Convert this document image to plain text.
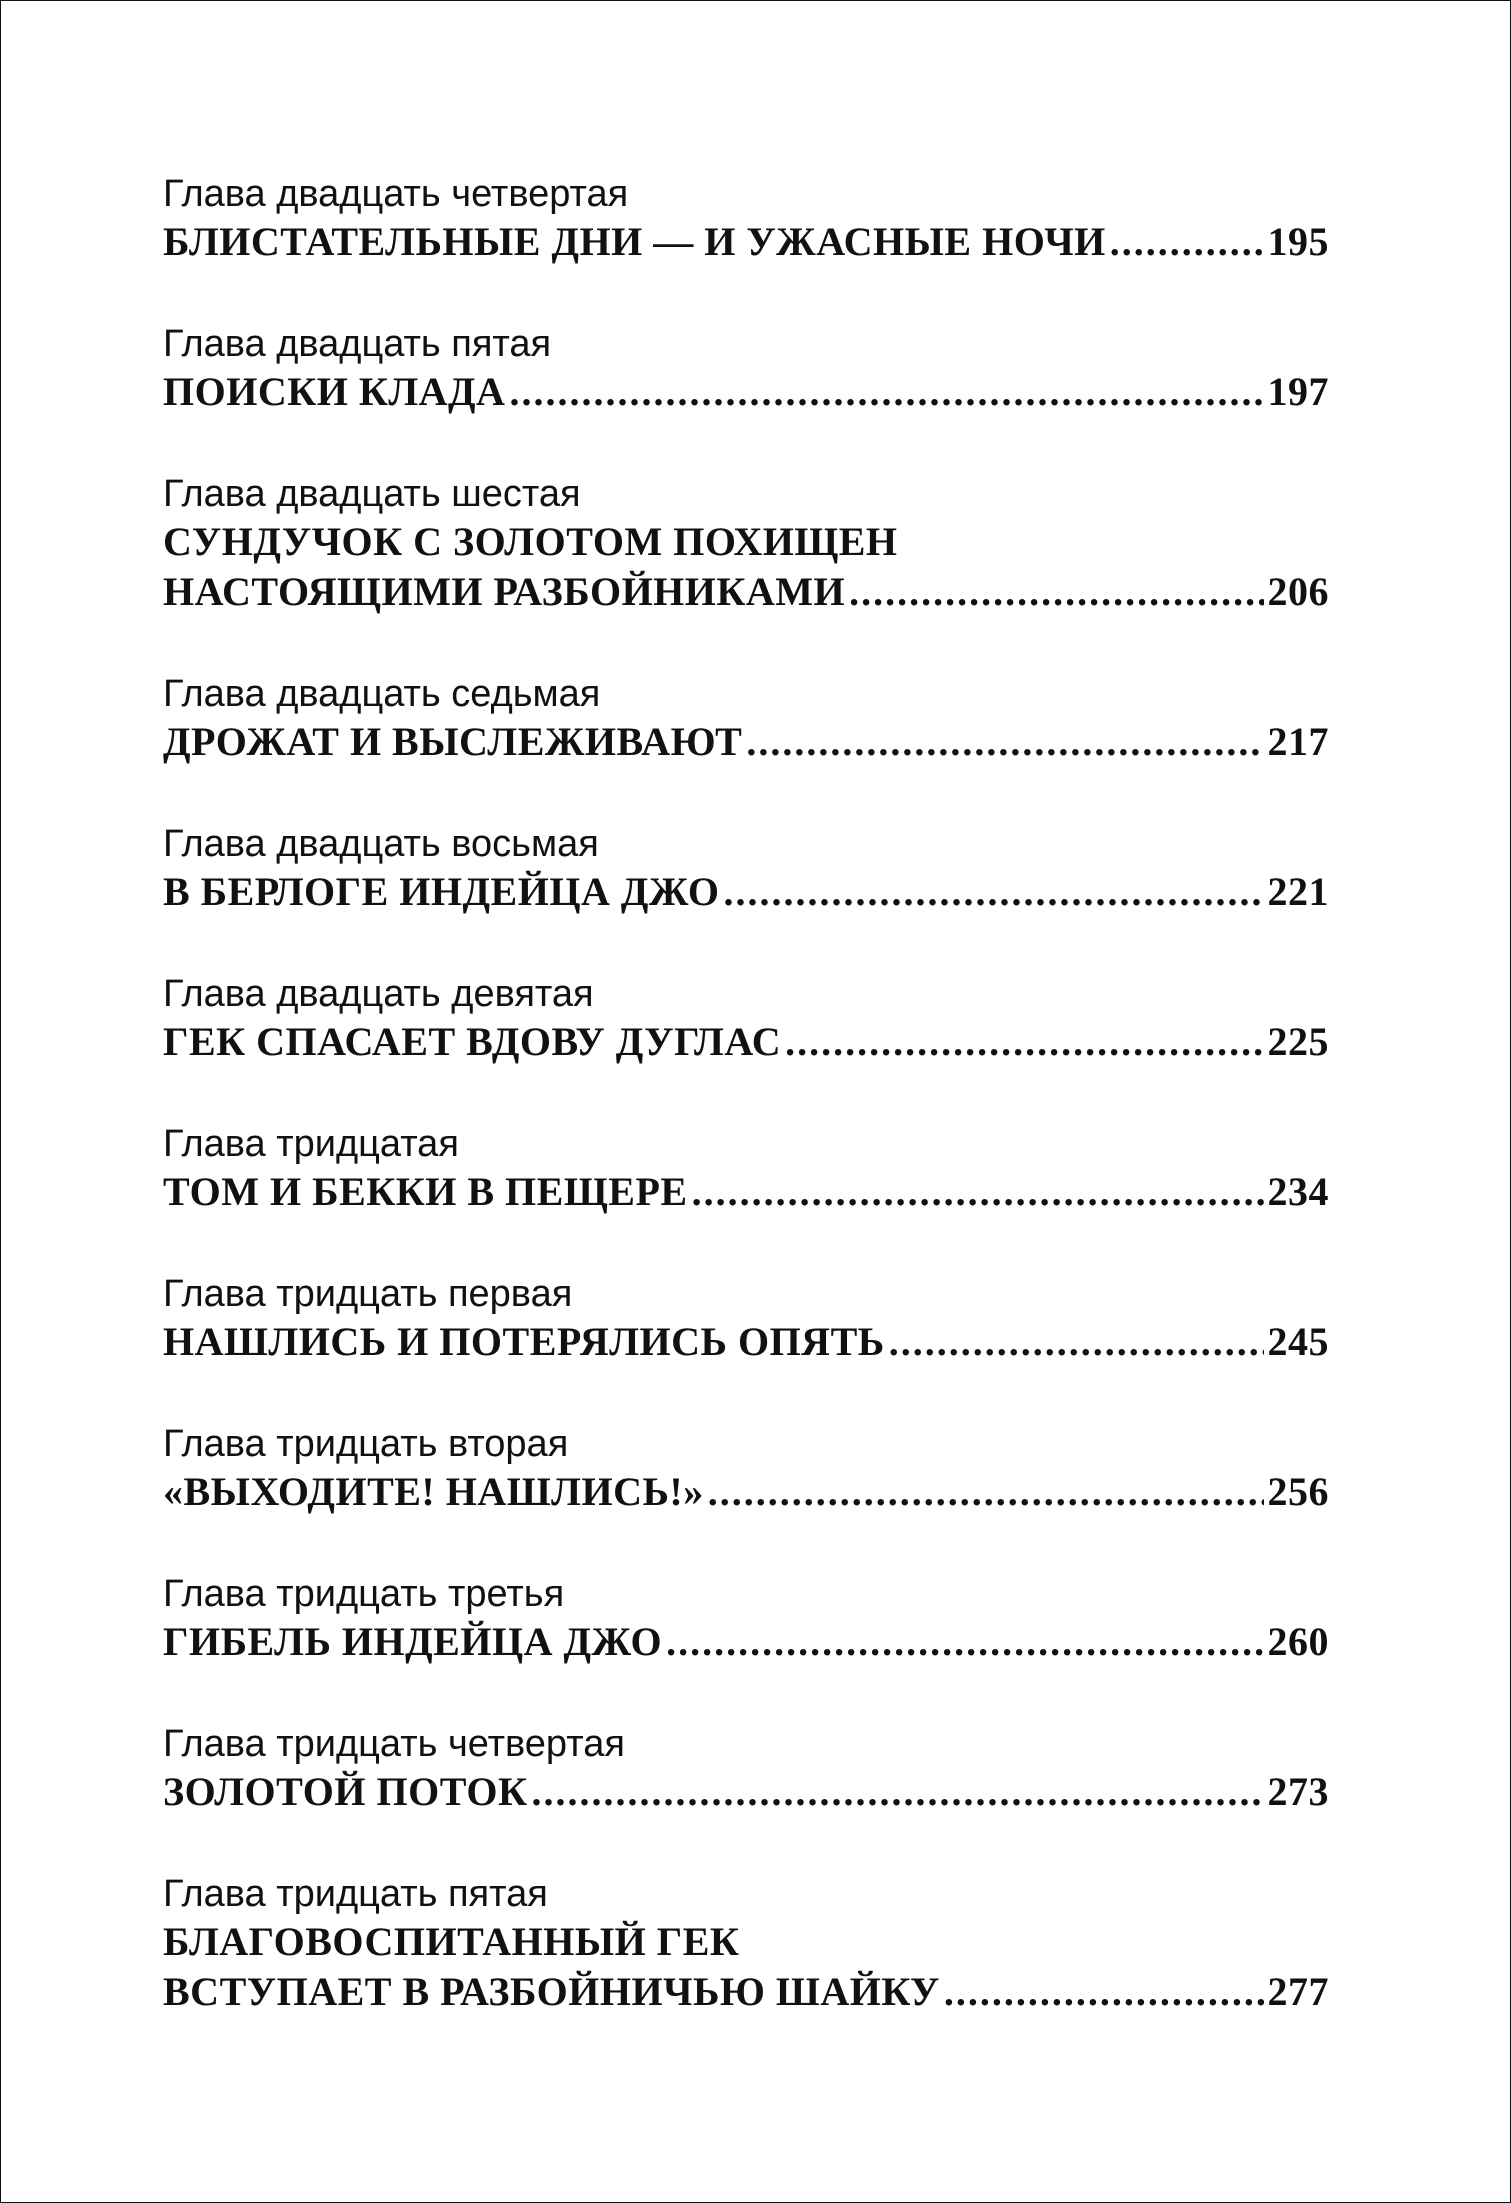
Глава двадцать четвертая
БЛИСТАТЕЛЬНЫЕ ДНИ — И УЖАСНЫЕ НОЧИ .....	195
Глава двадцать пятая
ПОИСКИ КЛАДА .....	197
Глава двадцать шестая
СУНДУЧОК С ЗОЛОТОМ ПОХИЩЕН
НАСТОЯЩИМИ РАЗБОЙНИКАМИ .....	206
Глава двадцать седьмая
ДРОЖАТ И ВЫСЛЕЖИВАЮТ .....	217
Глава двадцать восьмая
В БЕРЛОГЕ ИНДЕЙЦА ДЖО .....	221
Глава двадцать девятая
ГЕК СПАСАЕТ ВДОВУ ДУГЛАС .....	225
Глава тридцатая
ТОМ И БЕККИ В ПЕЩЕРЕ .....	234
Глава тридцать первая
НАШЛИСЬ И ПОТЕРЯЛИСЬ ОПЯТЬ .....	245
Глава тридцать вторая
«ВЫХОДИТЕ! НАШЛИСЬ!» .....	256
Глава тридцать третья
ГИБЕЛЬ ИНДЕЙЦА ДЖО .....	260
Глава тридцать четвертая
ЗОЛОТОЙ ПОТОК .....	273
Глава тридцать пятая
БЛАГОВОСПИТАННЫЙ ГЕК
ВСТУПАЕТ В РАЗБОЙНИЧЬЮ ШАЙКУ .....	277
